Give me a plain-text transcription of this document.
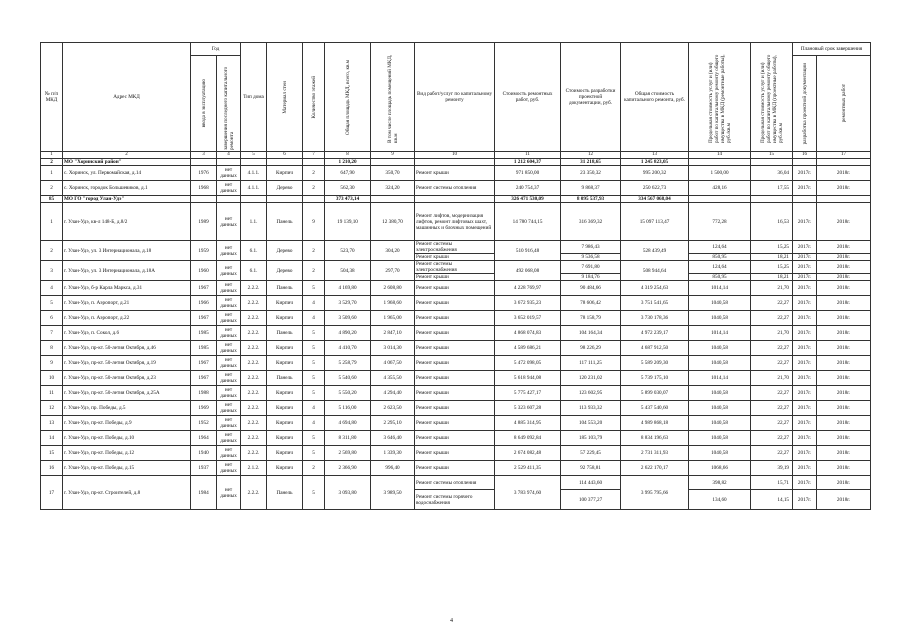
№ п/п МКД	Адрес МКД	Год		Тип дома	Материал стен	Количество этажей	Общая площадь МКД, всего, кв.м	В том числе площадь помещений МКД, кв.м	Вид работ/услуг по капитальному ремонту	Стоимость ремонтных работ, руб.	Стоимость разработки проектной документации, руб.	Общая стоимость капитального ремонта, руб.	Предельная стоимость услуг и (или) работ по капитальному ремонту общего имущества в МКД (ремонтные работы), руб./кв.м	Предельная стоимость услуг и (или) работ по капитальному ремонту общего имущества в МКД (проектные работы), руб./кв.м	Плановый срок завершения	

		ввода в эксплуатацию	завершения последнего капитального ремонта												разработка проектной документации	ремонтных работ

1	2	3	4	5	6	7	8	9	10	11	12	13	14	15	16	17
2	МО "Хоринский район"						1 210,20			1 212 604,37	31 218,65	1 245 823,05				
1	с. Хоринск, ул. Первомайская, д.14	1976	нет данных	4.1.1.	Кирпич	2	647,90	350,70	Ремонт крыши	971 850,00	23 350,32	995 200,32	1 500,00	36,04	2017г.	2018г.
2	с. Хоринск, городок Большевиков, д.1	1968	нет данных	4.1.1.	Дерево	2	562,30	324,20	Ремонт системы отопления	240 754,37	9 868,37	250 622,73	428,16	17,55	2017г.	2018г.
85	МО ГО "город Улан-Удэ"						373 473,14			326 471 530,09	8 095 537,93	334 567 068,04				
1	г. Улан-Удэ, кв-л 148-Б, д.8/2	1989	нет данных	1.1.	Панель	9	19 139,10	12 380,70	Ремонт лифтов, модернизация лифтов, ремонт лифтовых шахт, машинных и блочных помещений	14 780 744,15	316 369,32	15 097 113,47	772,28	16,53	2017г.	2018г.
2	г. Улан-Удэ, ул. 3 Интернационала, д.18	1959	нет данных	6.1.	Дерево	2	523,70	304,20	Ремонт системы электроснабжения	510 916,48	7 986,43	528 439,49	124,64	15,25	2017г.	2018г.
									Ремонт крыши		9 536,58		850,95	18,21	2017г.	2018г.
3	г. Улан-Удэ, ул. 3 Интернационала, д.18А	1960	нет данных	6.1.	Дерево	2	504,38	297,70	Ремонт системы электроснабжения	492 068,08	7 691,80	508 944,64	124,64	15,25	2017г.	2018г.
									Ремонт крыши		9 184,76		850,95	18,21	2017г.	2018г.
4	г. Улан-Удэ, б-р Карла Маркса, д.31	1967	нет данных	2.2.2.	Панель	5	4 169,80	2 608,80	Ремонт крыши	4 228 769,97	90 484,66	4 319 254,63	1014,14	21,70	2017г.	2018г.
5	г. Улан-Удэ, п. Аэропорт, д.21	1966	нет данных	2.2.2.	Кирпич	4	3 529,70	1 968,60	Ремонт крыши	3 672 935,23	78 606,42	3 751 541,65	1040,58	22,27	2017г.	2018г.
6	г. Улан-Удэ, п. Аэропорт, д.22	1967	нет данных	2.2.2.	Кирпич	4	3 509,60	1 965,00	Ремонт крыши	3 652 019,57	78 158,79	3 730 178,36	1040,58	22,27	2017г.	2018г.
7	г. Улан-Удэ, п. Сокол, д.6	1985	нет данных	2.2.2.	Панель	5	4 890,20	2 847,10	Ремонт крыши	4 868 074,83	104 164,34	4 972 239,17	1014,14	21,70	2017г.	2018г.
8	г. Улан-Удэ, пр-кт. 50-летия Октября, д.46	1985	нет данных	2.2.2.	Кирпич	5	4 410,70	3 014,30	Ремонт крыши	4 589 686,21	98 226,29	4 687 912,50	1040,58	22,27	2017г.	2018г.
9	г. Улан-Удэ, пр-кт. 50-летия Октября, д.19	1967	нет данных	2.2.2.	Кирпич	5	5 258,79	4 067,50	Ремонт крыши	5 472 098,05	117 111,25	5 589 209,30	1040,58	22,27	2017г.	2018г.
10	г. Улан-Удэ, пр-кт. 50-летия Октября, д.23	1967	нет данных	2.2.2.	Панель	5	5 540,60	4 355,50	Ремонт крыши	5 618 944,08	120 231,02	5 739 175,10	1014,14	21,70	2017г.	2018г.
11	г. Улан-Удэ, пр-кт. 50-летия Октября, д.25А	1988	нет данных	2.2.2.	Кирпич	5	5 550,20	4 294,40	Ремонт крыши	5 775 427,17	123 602,95	5 899 030,07	1040,58	22,27	2017г.	2018г.
12	г. Улан-Удэ, пр. Победы, д.5	1969	нет данных	2.2.2.	Кирпич	4	5 116,00	2 623,50	Ремонт крыши	5 323 607,28	113 933,32	5 437 540,60	1040,58	22,27	2017г.	2018г.
13	г. Улан-Удэ, пр-кт. Победы, д.9	1952	нет данных	2.2.2.	Кирпич	4	4 694,80	2 295,10	Ремонт крыши	4 885 314,95	104 553,20	4 989 868,18	1040,58	22,27	2017г.	2018г.
14	г. Улан-Удэ, пр-кт. Победы, д.10	1964	нет данных	2.2.2.	Кирпич	5	8 311,80	3 646,40	Ремонт крыши	8 649 092,84	185 103,79	8 834 196,63	1040,58	22,27	2017г.	2018г.
15	г. Улан-Удэ, пр-кт. Победы, д.12	1940	нет данных	2.2.2.	Кирпич	5	2 569,80	1 339,30	Ремонт крыши	2 674 082,48	57 229,45	2 731 311,93	1040,58	22,27	2017г.	2018г.
16	г. Улан-Удэ, пр-кт. Победы, д.15	1937	нет данных	2.1.2.	Кирпич	2	2 366,90	996,40	Ремонт крыши	2 529 411,35	92 758,81	2 622 170,17	1068,66	39,19	2017г.	2018г.
17	г. Улан-Удэ, пр-кт. Строителей, д.8	1984	нет данных	2.2.2.	Панель	5	3 093,80	3 989,50	Ремонт системы отопления	3 783 974,60	114 443,60	3 995 795,66	398,82	15,71	2017г.	2018г.
									Ремонт системы горячего водоснабжения		100 377,27		134,60	14,15	2017г.	2018г.
4
